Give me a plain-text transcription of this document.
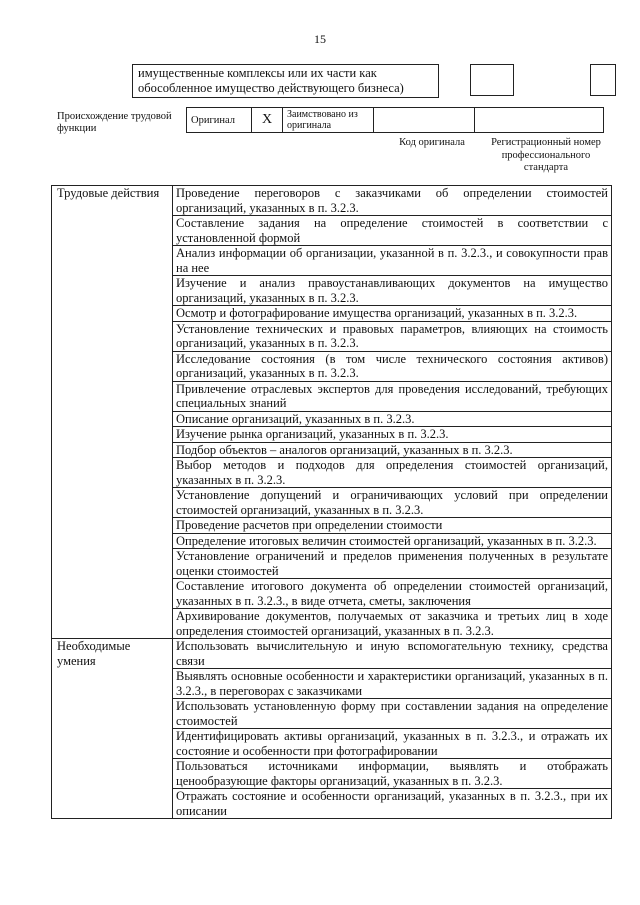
15
имущественные комплексы или их части как обособленное имущество действующего бизнеса)
Происхождение трудовой функции
Оригинал	X	Заимствовано из оригинала		
Код оригинала	Регистрационный номер профессионального стандарта
Трудовые действия	Проведение переговоров с заказчиками об определении стоимостей организаций, указанных в п. 3.2.3.
	Составление задания на определение стоимостей в соответствии с установленной формой
	Анализ информации об организации, указанной в п. 3.2.3., и совокупности прав на нее
	Изучение и анализ правоустанавливающих документов на имущество организаций, указанных в п. 3.2.3.
	Осмотр и фотографирование имущества организаций, указанных в п. 3.2.3.
	Установление технических и правовых параметров, влияющих на стоимость организаций, указанных в п. 3.2.3.
	Исследование состояния (в том числе технического состояния активов) организаций, указанных в п. 3.2.3.
	Привлечение отраслевых экспертов для проведения исследований, требующих специальных знаний
	Описание организаций, указанных в п. 3.2.3.
	Изучение рынка организаций, указанных в п. 3.2.3.
	Подбор объектов – аналогов организаций, указанных в п. 3.2.3.
	Выбор методов и подходов для определения стоимостей организаций, указанных в п. 3.2.3.
	Установление допущений и ограничивающих условий при определении стоимостей организаций, указанных в п. 3.2.3.
	Проведение расчетов при определении стоимости
	Определение итоговых величин стоимостей организаций, указанных в п. 3.2.3.
	Установление ограничений и пределов применения полученных в результате оценки стоимостей
	Составление итогового документа об определении стоимостей организаций, указанных в п. 3.2.3., в виде отчета, сметы, заключения
	Архивирование документов, получаемых от заказчика и третьих лиц в ходе определения стоимостей организаций, указанных в п. 3.2.3.
Необходимые умения	Использовать вычислительную и иную вспомогательную технику, средства связи
	Выявлять основные особенности и характеристики организаций, указанных в п. 3.2.3., в переговорах с заказчиками
	Использовать установленную форму при составлении задания на определение стоимостей
	Идентифицировать активы организаций, указанных в п. 3.2.3., и отражать их состояние и особенности при фотографировании
	Пользоваться источниками информации, выявлять и отображать ценообразующие факторы организаций, указанных в п. 3.2.3.
	Отражать состояние и особенности организаций, указанных в п. 3.2.3., при их описании
